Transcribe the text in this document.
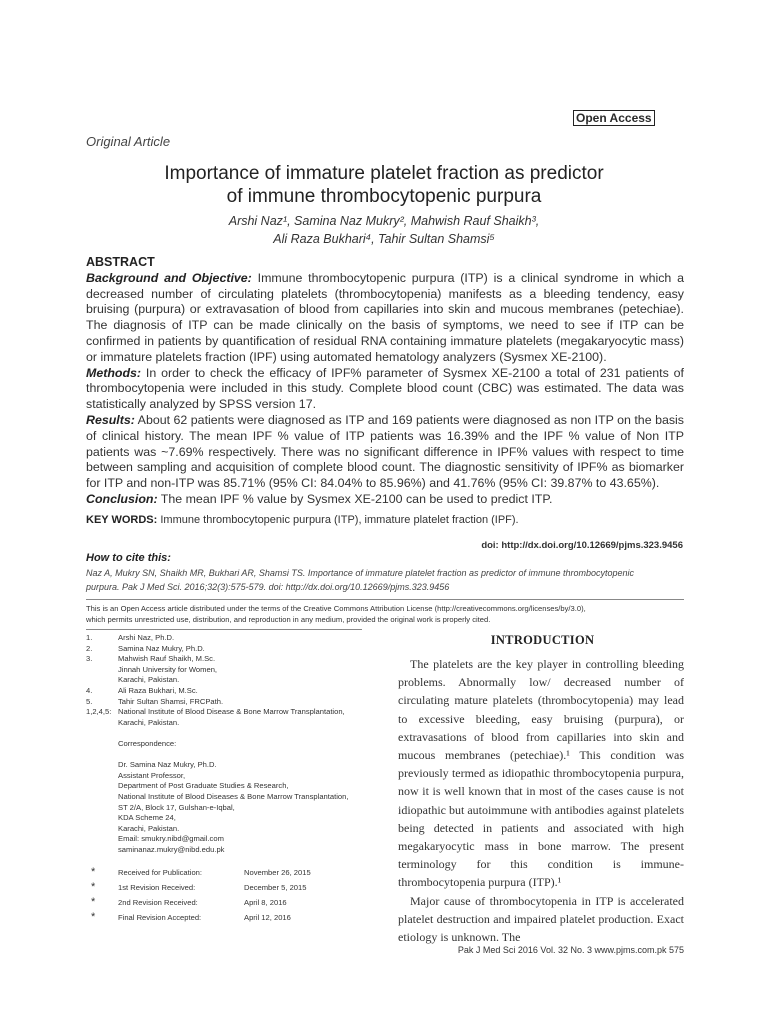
Open Access
Original Article
Importance of immature platelet fraction as predictor
of immune thrombocytopenic purpura
Arshi Naz¹, Samina Naz Mukry², Mahwish Rauf Shaikh³,
Ali Raza Bukhari⁴, Tahir Sultan Shamsi⁵
ABSTRACT

Background and Objective: Immune thrombocytopenic purpura (ITP) is a clinical syndrome in which a decreased number of circulating platelets (thrombocytopenia) manifests as a bleeding tendency, easy bruising (purpura) or extravasation of blood from capillaries into skin and mucous membranes (petechiae). The diagnosis of ITP can be made clinically on the basis of symptoms, we need to see if ITP can be confirmed in patients by quantification of residual RNA containing immature platelets (megakaryocytic mass) or immature platelets fraction (IPF) using automated hematology analyzers (Sysmex XE-2100).

Methods: In order to check the efficacy of IPF% parameter of Sysmex XE-2100 a total of 231 patients of thrombocytopenia were included in this study. Complete blood count (CBC) was estimated. The data was statistically analyzed by SPSS version 17.

Results: About 62 patients were diagnosed as ITP and 169 patients were diagnosed as non ITP on the basis of clinical history. The mean IPF % value of ITP patients was 16.39% and the IPF % value of Non ITP patients was ~7.69% respectively. There was no significant difference in IPF% values with respect to time between sampling and acquisition of complete blood count. The diagnostic sensitivity of IPF% as biomarker for ITP and non-ITP was 85.71% (95% CI: 84.04% to 85.96%) and 41.76% (95% CI: 39.87% to 43.65%).

Conclusion: The mean IPF % value by Sysmex XE-2100 can be used to predict ITP.

KEY WORDS: Immune thrombocytopenic purpura (ITP), immature platelet fraction (IPF).
doi: http://dx.doi.org/10.12669/pjms.323.9456
How to cite this:
Naz A, Mukry SN, Shaikh MR, Bukhari AR, Shamsi TS. Importance of immature platelet fraction as predictor of immune thrombocytopenic
purpura. Pak J Med Sci. 2016;32(3):575-579. doi: http://dx.doi.org/10.12669/pjms.323.9456
This is an Open Access article distributed under the terms of the Creative Commons Attribution License (http://creativecommons.org/licenses/by/3.0),
which permits unrestricted use, distribution, and reproduction in any medium, provided the original work is properly cited.
1.	Arshi Naz, Ph.D.
2.	Samina Naz Mukry, Ph.D.
3.	Mahwish Rauf Shaikh, M.Sc.
Jinnah University for Women,
Karachi, Pakistan.
4.	Ali Raza Bukhari, M.Sc.
5.	Tahir Sultan Shamsi, FRCPath.
1,2,4,5: National Institute of Blood Disease & Bone Marrow Transplantation,
Karachi, Pakistan.
Correspondence:
Dr. Samina Naz Mukry, Ph.D.
Assistant Professor,
Department of Post Graduate Studies & Research,
National Institute of Blood Diseases & Bone Marrow Transplantation,
ST 2/A, Block 17, Gulshan-e-Iqbal,
KDA Scheme 24,
Karachi, Pakistan.
Email: smukry.nibd@gmail.com
saminanaz.mukry@nibd.edu.pk
*	Received for Publication:	November 26, 2015
*	1st Revision Received:	December 5, 2015
*	2nd Revision Received:	April 8, 2016
*	Final Revision Accepted:	April 12, 2016
INTRODUCTION

The platelets are the key player in controlling bleeding problems. Abnormally low/ decreased number of circulating mature platelets (thrombocytopenia) may lead to excessive bleeding, easy bruising (purpura), or extravasations of blood from capillaries into skin and mucous membranes (petechiae).¹ This condition was previously termed as idiopathic thrombocytopenia purpura, now it is well known that in most of the cases cause is not idiopathic but autoimmune with antibodies against platelets being detected in patients and associated with high megakaryocytic mass in bone marrow. The present terminology for this condition is immune-thrombocytopenia purpura (ITP).¹

Major cause of thrombocytopenia in ITP is accelerated platelet destruction and impaired platelet production. Exact etiology is unknown. The

Pak J Med Sci 2016 Vol. 32 No. 3 www.pjms.com.pk 575
